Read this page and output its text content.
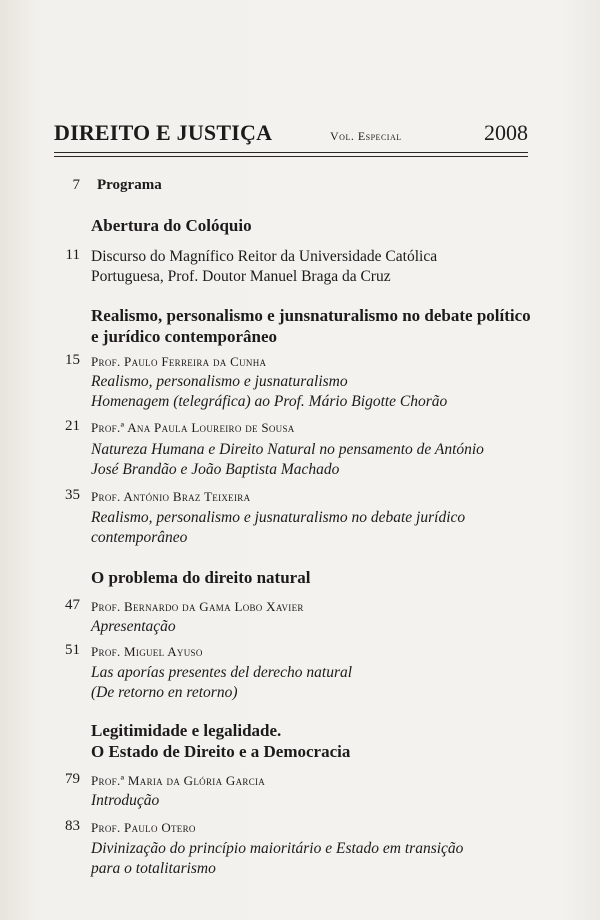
DIREITO E JUSTIÇA	Vol. Especial	2008
7 Programa
Abertura do Colóquio
11 Discurso do Magnífico Reitor da Universidade Católica
Portuguesa, Prof. Doutor Manuel Braga da Cruz
Realismo, personalismo e junsnaturalismo no debate político e jurídico contemporâneo
15 Prof. Paulo Ferreira da Cunha
Realismo, personalismo e jusnaturalismo
Homenagem (telegráfica) ao Prof. Mário Bigotte Chorão
21 Prof.ª Ana Paula Loureiro de Sousa
Natureza Humana e Direito Natural no pensamento de António
José Brandão e João Baptista Machado
35 Prof. António Braz Teixeira
Realismo, personalismo e jusnaturalismo no debate jurídico
contemporâneo
O problema do direito natural
47 Prof. Bernardo da Gama Lobo Xavier
Apresentação
51 Prof. Miguel Ayuso
Las aporías presentes del derecho natural
(De retorno en retorno)
Legitimidade e legalidade.
O Estado de Direito e a Democracia
79 Prof.ª Maria da Glória Garcia
Introdução
83 Prof. Paulo Otero
Divinização do princípio maioritário e Estado em transição
para o totalitarismo
